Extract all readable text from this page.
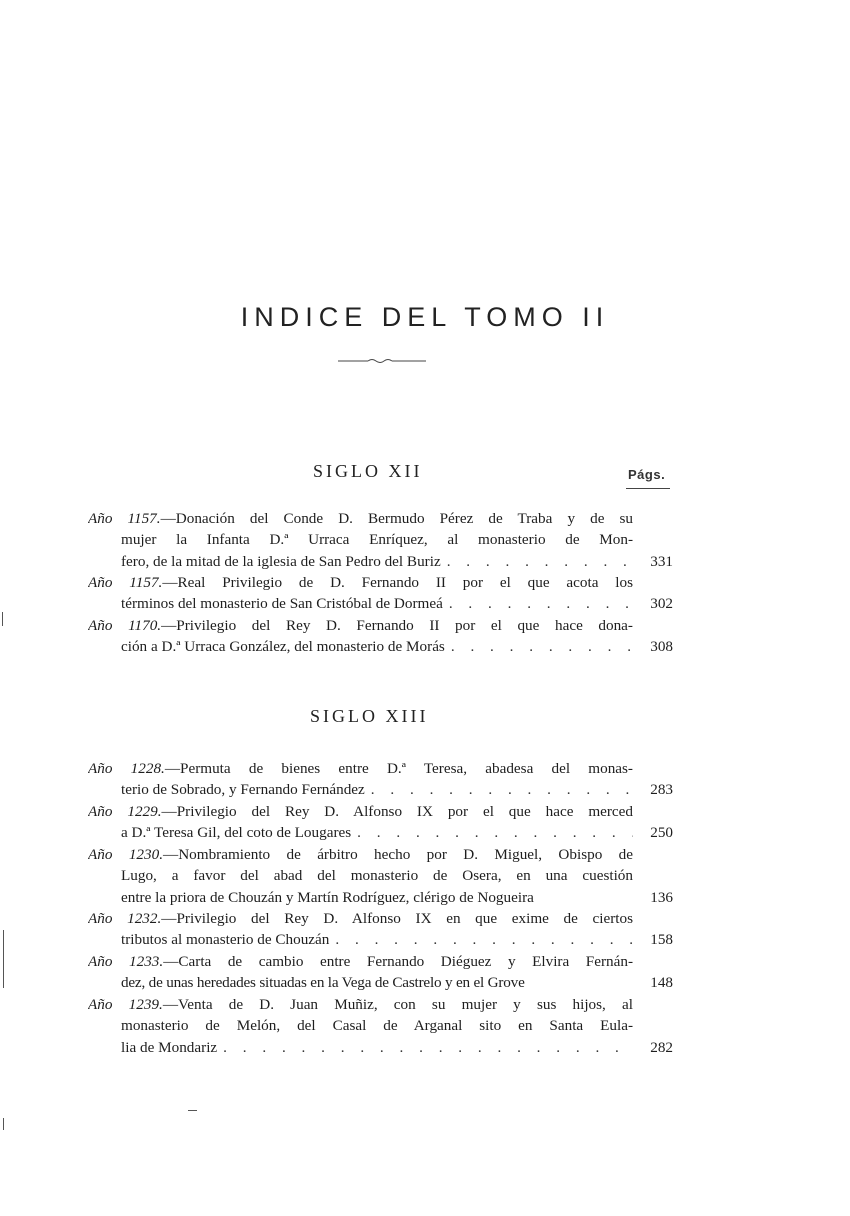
INDICE DEL TOMO II
SIGLO XII	Págs.
Año 1157.—Donación del Conde D. Bermudo Pérez de Traba y de su
mujer la Infanta D.ª Urraca Enríquez, al monasterio de Mon-
fero, de la mitad de la iglesia de San Pedro del Buriz . . .	331
Año 1157.—Real Privilegio de D. Fernando II por el que acota los
términos del monasterio de San Cristóbal de Dormeá . . .	302
Año 1170.—Privilegio del Rey D. Fernando II por el que hace dona-
ción a D.ª Urraca González, del monasterio de Morás . . .	308
SIGLO XIII
Año 1228.—Permuta de bienes entre D.ª Teresa, abadesa del monas-
terio de Sobrado, y Fernando Fernández . . .	283
Año 1229.—Privilegio del Rey D. Alfonso IX por el que hace merced
a D.ª Teresa Gil, del coto de Lougares . . .	250
Año 1230.—Nombramiento de árbitro hecho por D. Miguel, Obispo de
Lugo, a favor del abad del monasterio de Osera, en una cuestión
entre la priora de Chouzán y Martín Rodríguez, clérigo de Nogueira	136
Año 1232.—Privilegio del Rey D. Alfonso IX en que exime de ciertos
tributos al monasterio de Chouzán . . .	158
Año 1233.—Carta de cambio entre Fernando Diéguez y Elvira Fernán-
dez, de unas heredades situadas en la Vega de Castrelo y en el Grove	148
Año 1239.—Venta de D. Juan Muñiz, con su mujer y sus hijos, al
monasterio de Melón, del Casal de Arganal sito en Santa Eula-
lia de Mondariz . . .	282
